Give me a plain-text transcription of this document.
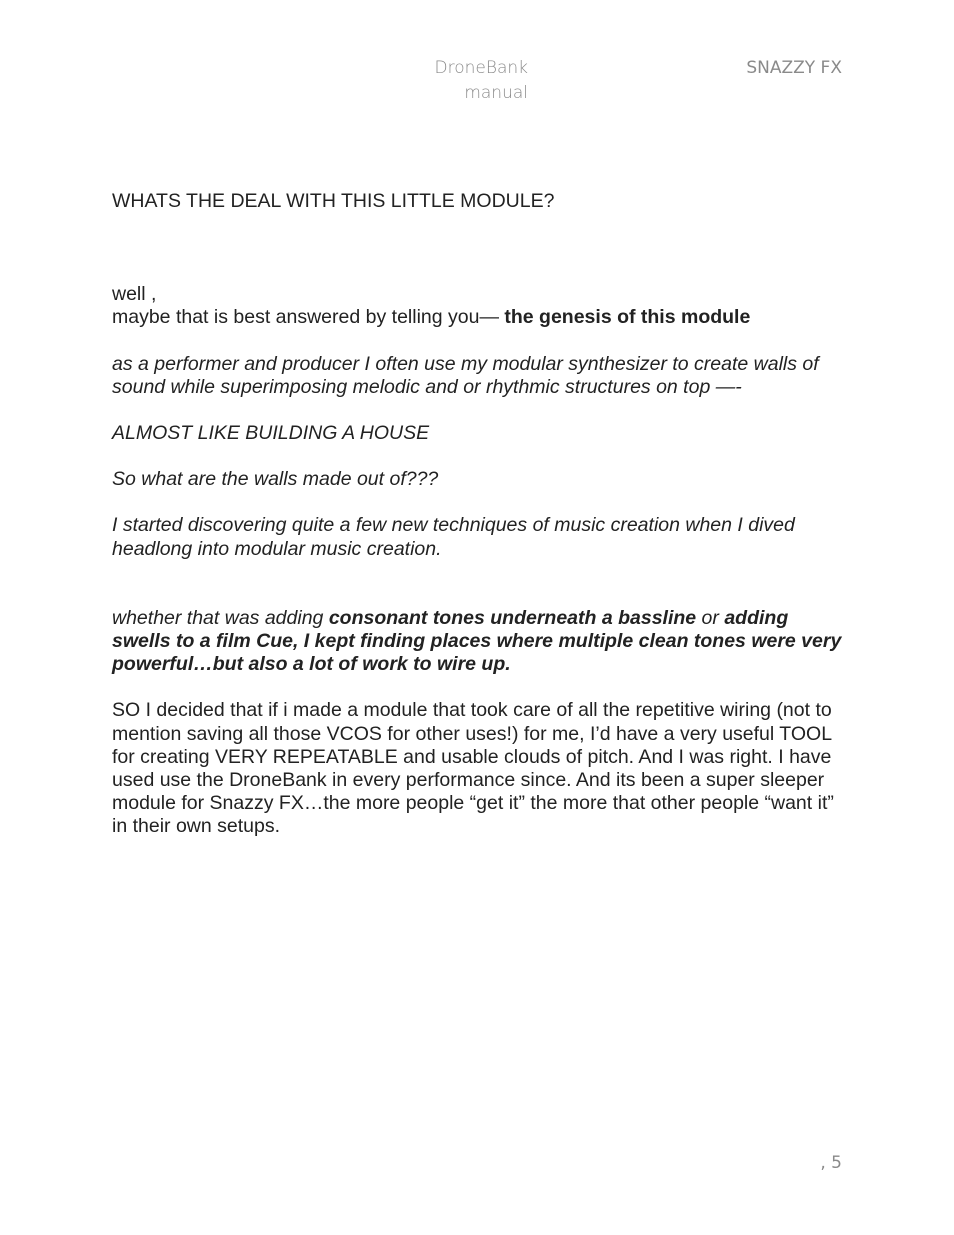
DroneBank
manual
SNAZZY FX
WHATS THE DEAL WITH THIS LITTLE MODULE?

well ,
maybe that is best answered by telling you— the genesis of this module

as a performer and producer I often use my modular synthesizer to create walls of sound while superimposing melodic and or rhythmic structures on top —-

ALMOST LIKE BUILDING A HOUSE

So what are the walls made out of???

I started discovering quite a few new techniques of music creation when I dived headlong into modular music creation.

whether that was adding consonant tones underneath a bassline or adding swells to a film Cue, I kept finding places where multiple clean tones were very powerful…but also a lot of work to wire up.

SO I decided that if i made a module that took care of all the repetitive wiring (not to mention saving all those VCOS for other uses!) for me, I’d have a very useful TOOL for creating VERY REPEATABLE and usable clouds of pitch. And I was right. I have used use the DroneBank in every performance since. And its been a super sleeper module for Snazzy FX…the more people “get it” the more that other people “want it” in their own setups.

, 5
